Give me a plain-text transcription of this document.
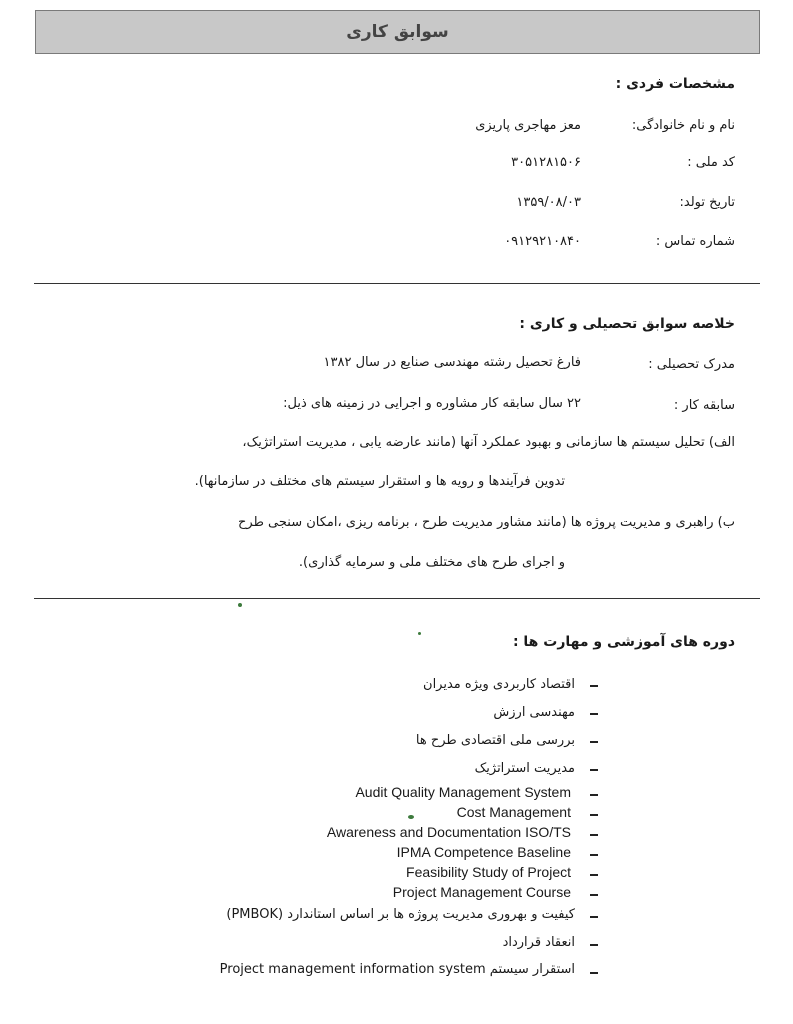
سوابق کاری
مشخصات فردی :
نام و نام خانوادگی:
معز مهاجری پاریزی
کد ملی :
۳۰۵۱۲۸۱۵۰۶
تاریخ تولد:
۱۳۵۹/۰۸/۰۳
شماره تماس :
۰۹۱۲۹۲۱۰۸۴۰
خلاصه سوابق تحصیلی و کاری :
مدرک تحصیلی :
فارغ تحصیل رشته مهندسی صنایع در سال ۱۳۸۲
سابقه کار :
۲۲ سال سابقه کار مشاوره و اجرایی در زمینه های ذیل:
الف) تحلیل سیستم ها سازمانی و بهبود عملکرد آنها (مانند عارضه یابی ، مدیریت استراتژیک،
تدوین فرآیندها و رویه ها و استقرار سیستم های مختلف در سازمانها).
ب) راهبری و مدیریت پروژه ها (مانند مشاور مدیریت طرح ، برنامه ریزی ،امکان سنجی طرح
و اجرای طرح های مختلف ملی و سرمایه گذاری).
دوره های آموزشی و مهارت ها :
اقتصاد کاربردی ویژه مدیران
مهندسی ارزش
بررسی ملی اقتصادی طرح ها
مدیریت استراتژیک
Audit Quality Management System
Cost Management
Awareness and Documentation ISO/TS
IPMA Competence Baseline
Feasibility Study of Project
Project Management Course
کیفیت و بهروری مدیریت پروژه ها بر اساس استاندارد (PMBOK)
انعقاد قرارداد
استقرار سیستم Project management information system
